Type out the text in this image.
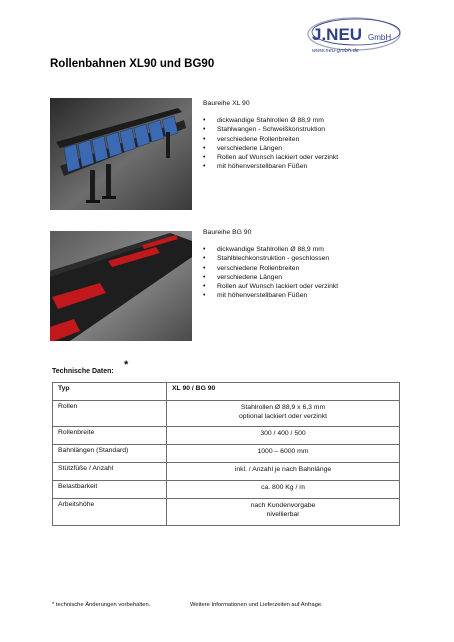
J.NEU GmbH
www.neu-gmbh.de
Rollenbahnen XL90 und BG90
Baureihe XL 90
• dickwandige Stahlrollen Ø 88,9 mm
• Stahlwangen - Schweißkonstruktion
• verschiedene Rollenbreiten
• verschiedene Längen
• Rollen auf Wunsch lackiert oder verzinkt
• mit höhenverstellbaren Füßen
Baureihe BG 90
• dickwandige Stahlrollen Ø 88,9 mm
• Stahlblechkonstruktion - geschlossen
• verschiedene Rollenbreiten
• verschiedene Längen
• Rollen auf Wunsch lackiert oder verzinkt
• mit höhenverstellbaren Füßen
Technische Daten:
*
Typ	XL 90 / BG 90
Rollen	Stahlrollen Ø 88,9 x 6,3 mm
optional lackiert oder verzinkt

Rollenbreite	300 / 400 / 500

Bahnlängen (Standard)	1000 – 6000 mm

Stützfüße / Anzahl	inkl. / Anzahl je nach Bahnlänge

Belastbarkeit	ca. 800 Kg / m

Arbeitshöhe	nach Kundenvorgabe
nivellierbar
* technische Änderungen vorbehalten.	Weitere Informationen und Lieferzeiten auf Anfrage.
